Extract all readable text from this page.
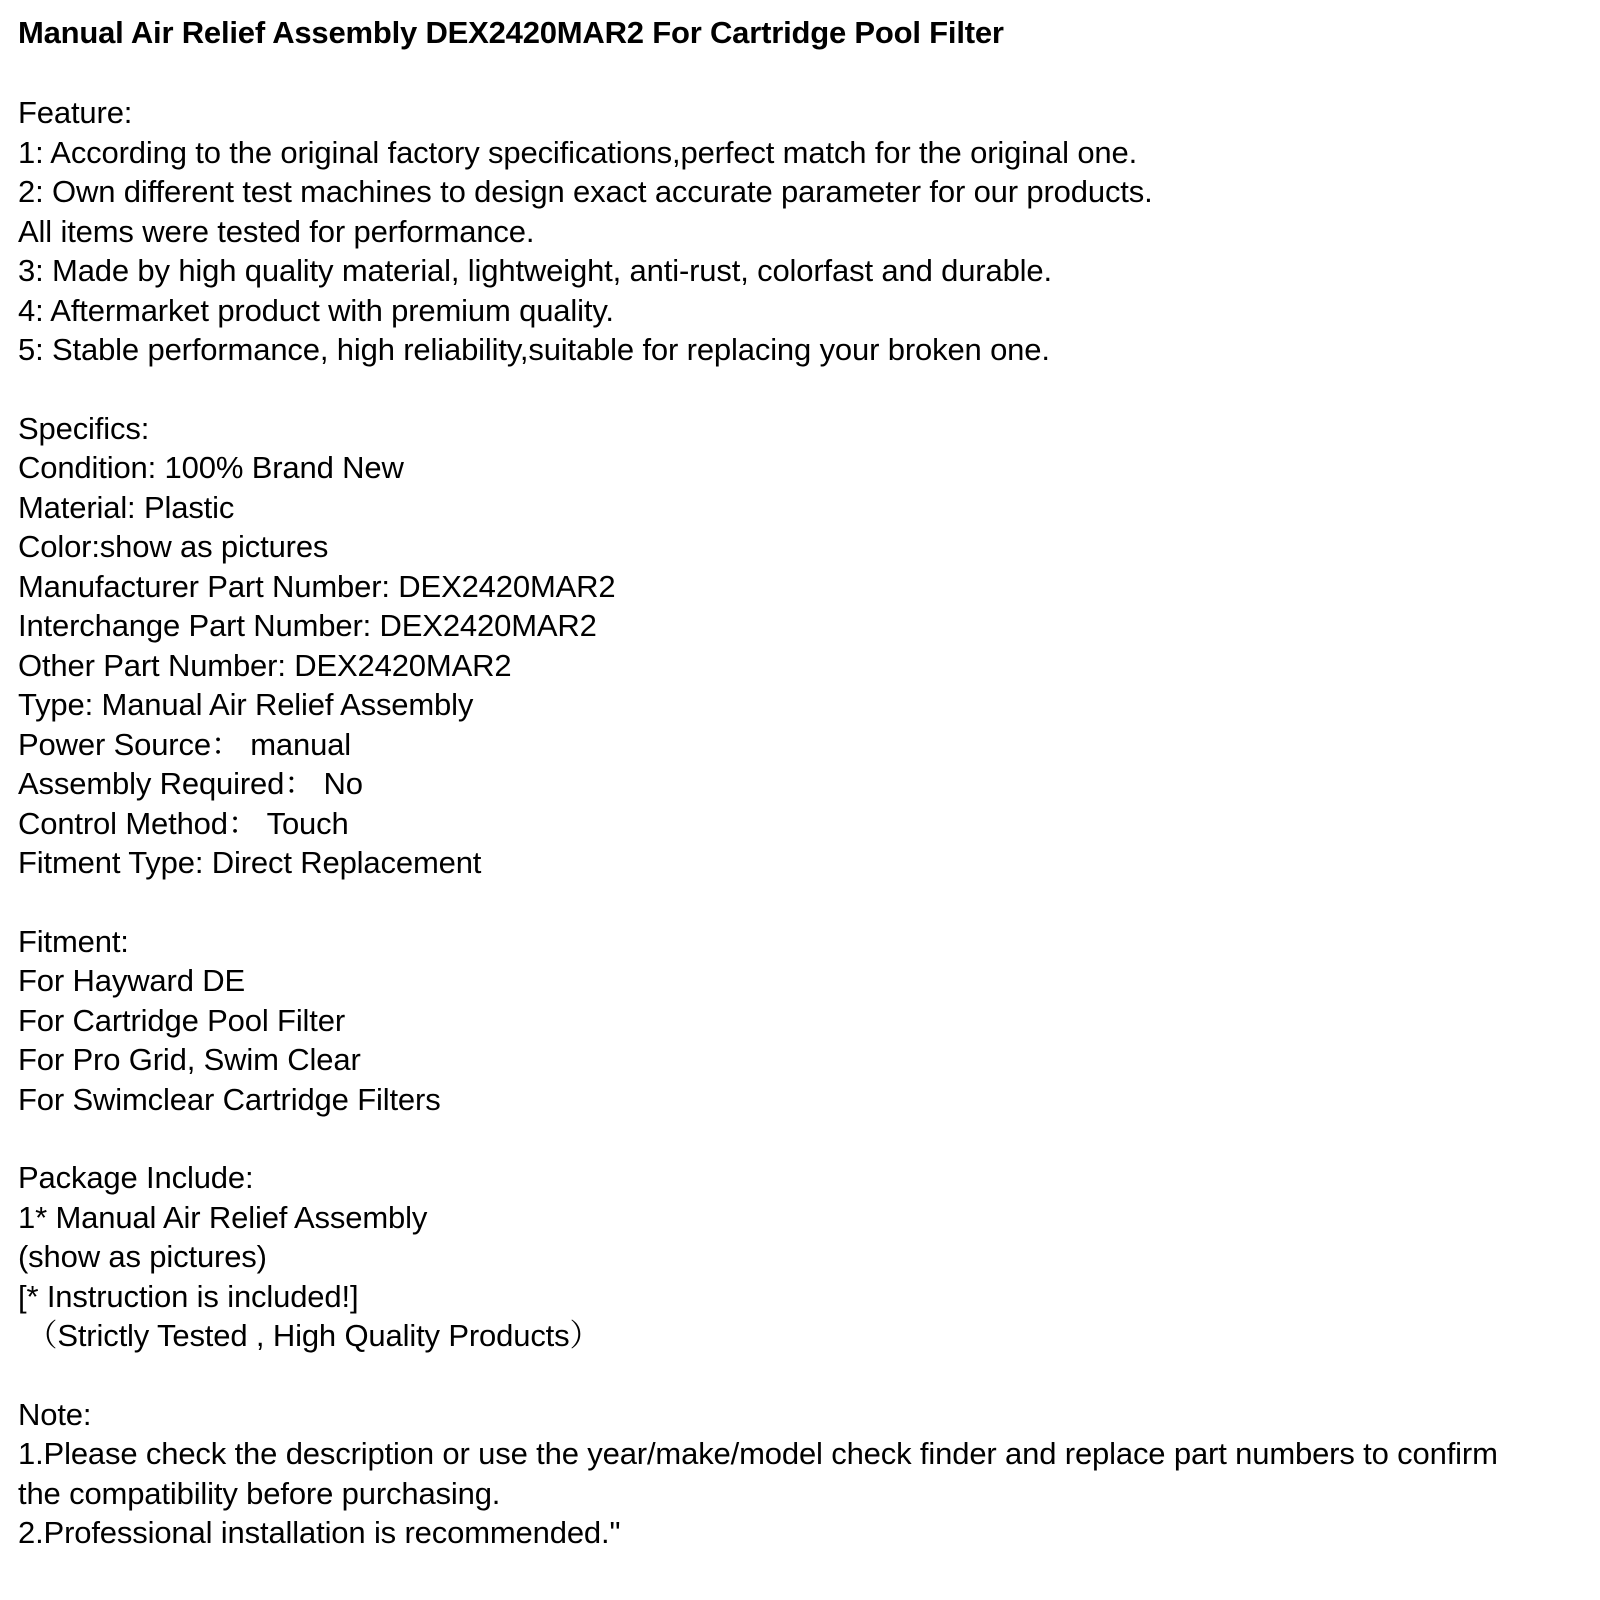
Manual Air Relief Assembly DEX2420MAR2 For Cartridge Pool Filter
Feature:
1: According to the original factory specifications,perfect match for the original one.
2: Own different test machines to design exact accurate parameter for our products.
All items were tested for performance.
3: Made by high quality material, lightweight, anti-rust, colorfast and durable.
4: Aftermarket product with premium quality.
5: Stable performance, high reliability,suitable for replacing your broken one.
Specifics:
Condition: 100% Brand New
Material: Plastic
Color:show as pictures
Manufacturer Part Number: DEX2420MAR2
Interchange Part Number: DEX2420MAR2
Other Part Number: DEX2420MAR2
Type: Manual Air Relief Assembly
Power Source： manual
Assembly Required： No
Control Method： Touch
Fitment Type: Direct Replacement
Fitment:
For Hayward DE
For Cartridge Pool Filter
For Pro Grid, Swim Clear
For Swimclear Cartridge Filters
Package Include:
1* Manual Air Relief Assembly
(show as pictures)
[* Instruction is included!]
（Strictly Tested , High Quality Products）
Note:
1.Please check the description or use the year/make/model check finder and replace part numbers to confirm the compatibility before purchasing.
2.Professional installation is recommended."
